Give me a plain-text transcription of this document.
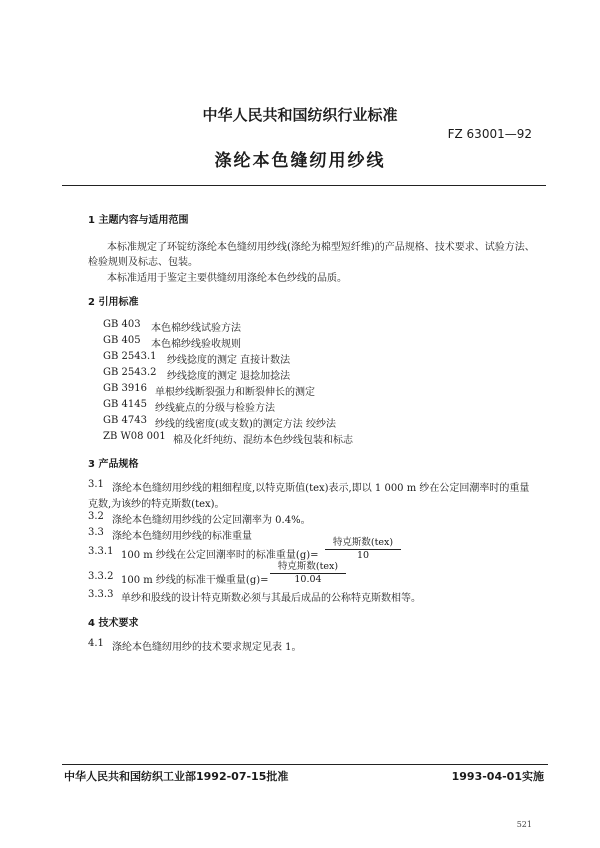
中华人民共和国纺织行业标准
FZ 63001—92
涤纶本色缝纫用纱线
1 主题内容与适用范围
本标准规定了环锭纺涤纶本色缝纫用纱线(涤纶为棉型短纤维)的产品规格、技术要求、试验方法、
检验规则及标志、包装。
本标准适用于鉴定主要供缝纫用涤纶本色纱线的品质。
2 引用标准
GB 403 本色棉纱线试验方法
GB 405 本色棉纱线验收规则
GB 2543.1 纱线捻度的测定 直接计数法
GB 2543.2 纱线捻度的测定 退捻加捻法
GB 3916 单根纱线断裂强力和断裂伸长的测定
GB 4145 纱线疵点的分级与检验方法
GB 4743 纱线的线密度(或支数)的测定方法 绞纱法
ZB W08 001 棉及化纤纯纺、混纺本色纱线包装和标志
3 产品规格
3.1 涤纶本色缝纫用纱线的粗细程度,以特克斯值(tex)表示,即以 1 000 m 纱在公定回潮率时的重量
克数,为该纱的特克斯数(tex)。
3.2 涤纶本色缝纫用纱线的公定回潮率为 0.4%。
3.3 涤纶本色缝纫用纱线的标准重量
3.3.1 100 m 纱线在公定回潮率时的标准重量(g)=
特克斯数(tex)
10
3.3.2 100 m 纱线的标准干燥重量(g)=
特克斯数(tex)
10.04
3.3.3 单纱和股线的设计特克斯数必须与其最后成品的公称特克斯数相等。
4 技术要求
4.1 涤纶本色缝纫用纱的技术要求规定见表 1。
中华人民共和国纺织工业部1992-07-15批准	1993-04-01实施
521
